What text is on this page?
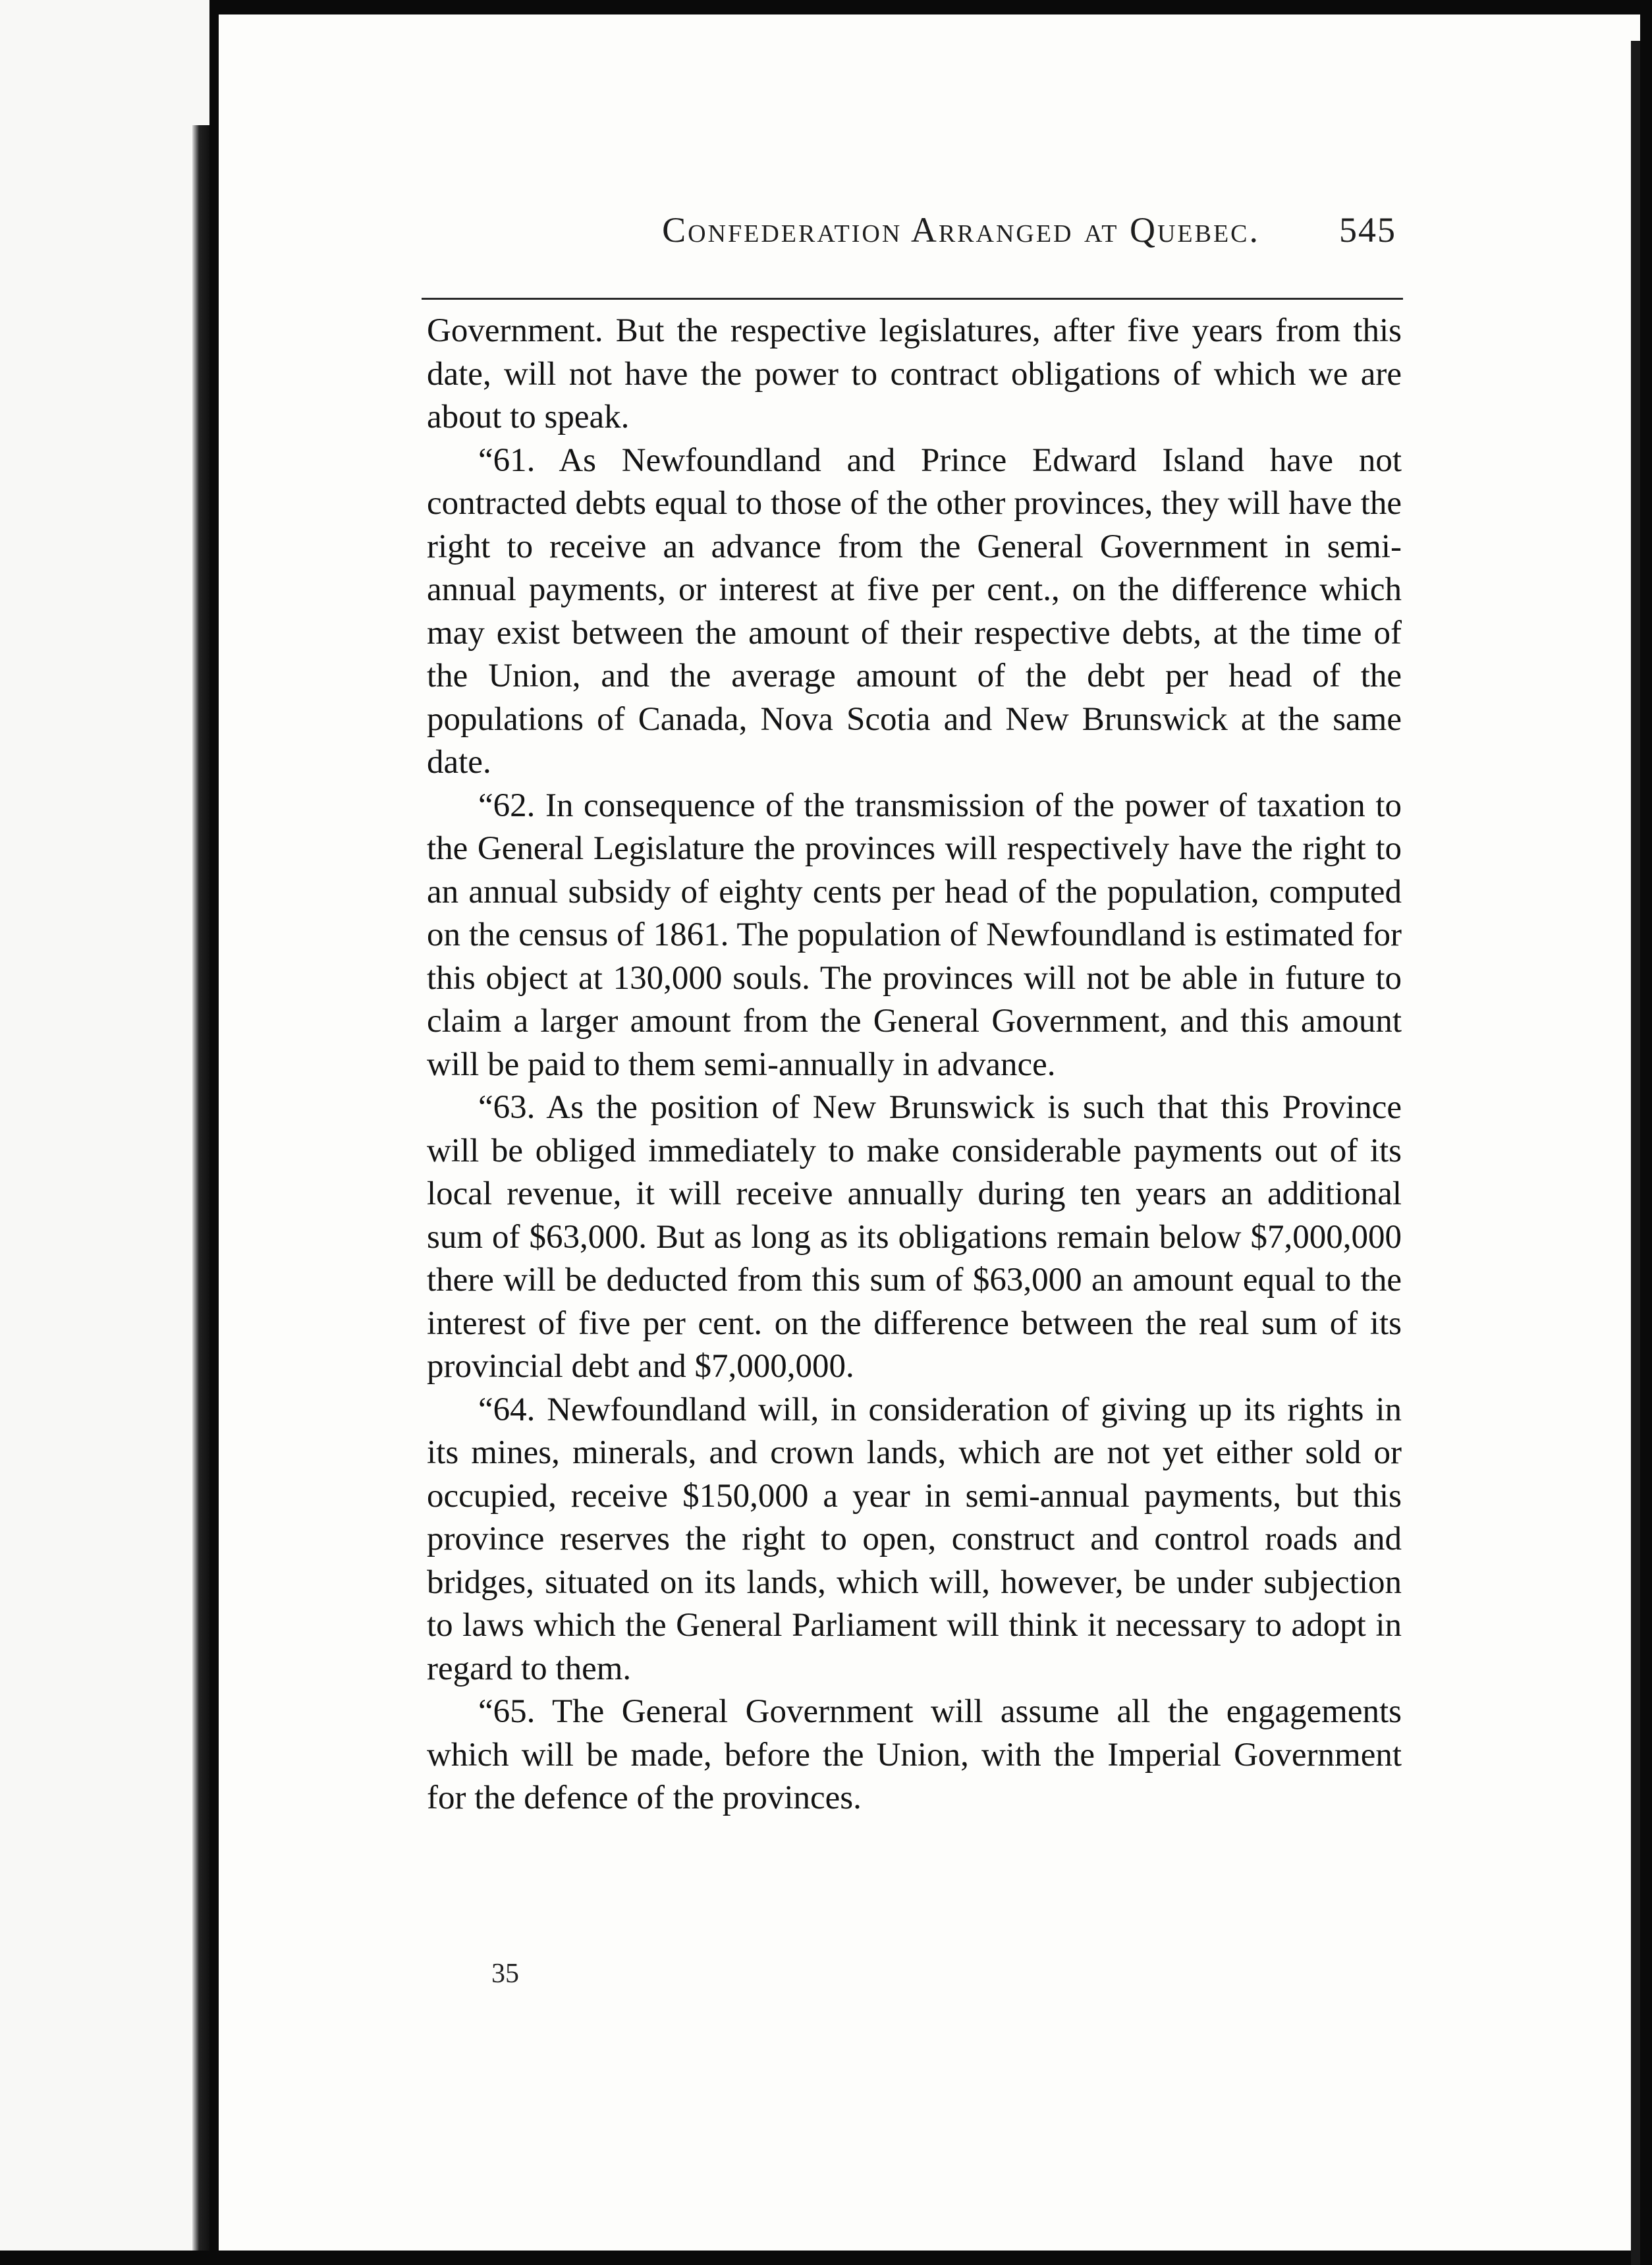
Confederation Arranged at Quebec.	545

Government. But the respective legislatures, after five years from this date, will not have the power to contract obligations of which we are about to speak.

“61. As Newfoundland and Prince Edward Island have not contracted debts equal to those of the other provinces, they will have the right to receive an advance from the General Government in semi-annual payments, or interest at five per cent., on the difference which may exist between the amount of their respective debts, at the time of the Union, and the average amount of the debt per head of the populations of Canada, Nova Scotia and New Brunswick at the same date.

“62. In consequence of the transmission of the power of taxation to the General Legislature the provinces will respectively have the right to an annual subsidy of eighty cents per head of the population, computed on the census of 1861. The population of Newfoundland is estimated for this object at 130,000 souls. The provinces will not be able in future to claim a larger amount from the General Government, and this amount will be paid to them semi-annually in advance.

“63. As the position of New Brunswick is such that this Province will be obliged immediately to make considerable payments out of its local revenue, it will receive annually during ten years an additional sum of $63,000. But as long as its obligations remain below $7,000,000 there will be deducted from this sum of $63,000 an amount equal to the interest of five per cent. on the difference between the real sum of its provincial debt and $7,000,000.

“64. Newfoundland will, in consideration of giving up its rights in its mines, minerals, and crown lands, which are not yet either sold or occupied, receive $150,000 a year in semi-annual payments, but this province reserves the right to open, construct and control roads and bridges, situated on its lands, which will, however, be under subjection to laws which the General Parliament will think it necessary to adopt in regard to them.

“65. The General Government will assume all the engagements which will be made, before the Union, with the Imperial Government for the defence of the provinces.

35
